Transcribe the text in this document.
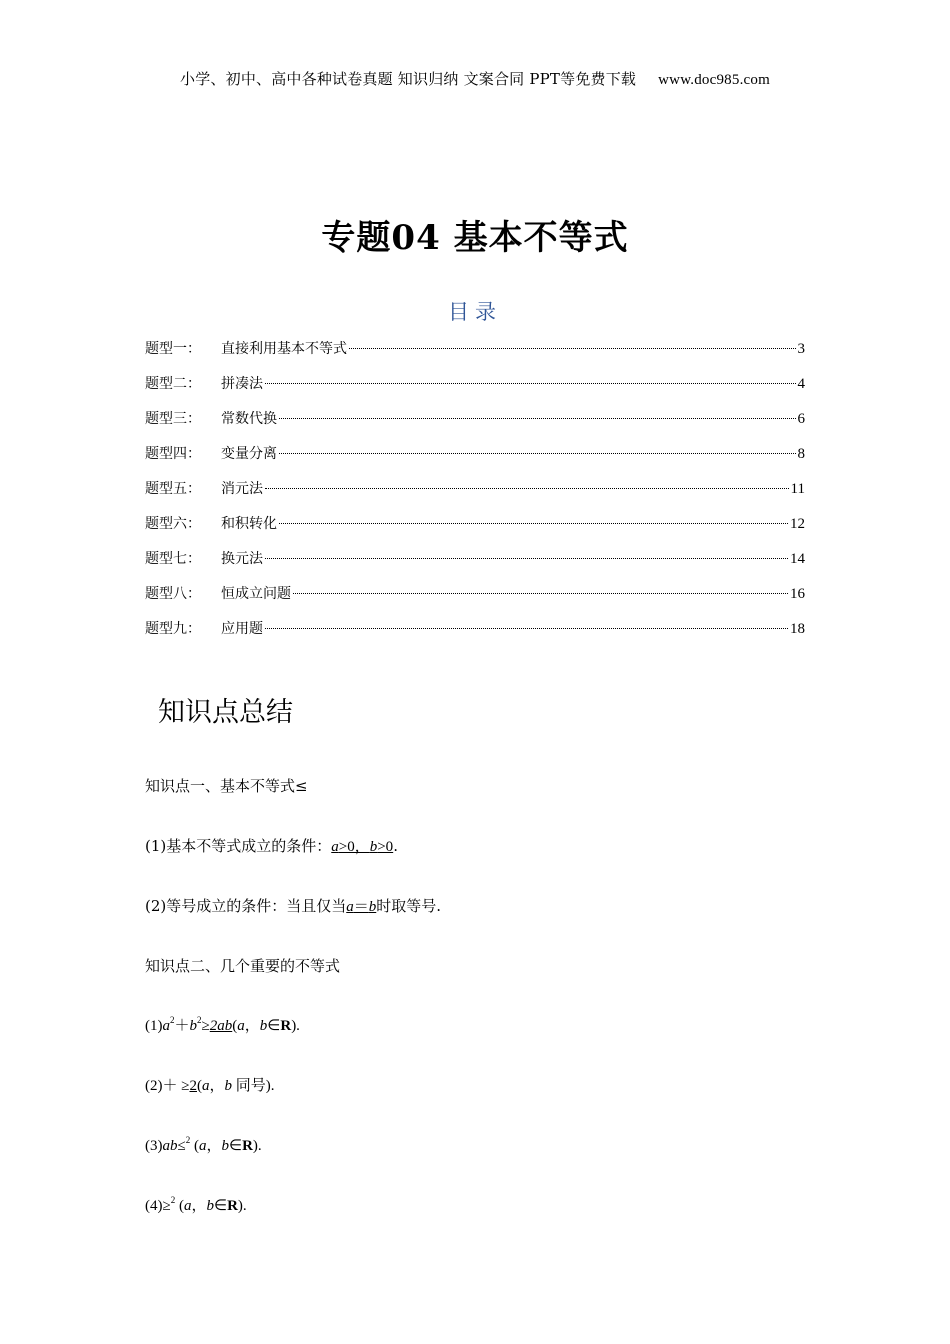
小学、初中、高中各种试卷真题 知识归纳 文案合同 PPT等免费下载 www.doc985.com
专题04 基本不等式
目录
题型一：	直接利用基本不等式	3
题型二：	拼凑法	4
题型三：	常数代换	6
题型四：	变量分离	8
题型五：	消元法	11
题型六：	和积转化	12
题型七：	换元法	14
题型八：	恒成立问题	16
题型九：	应用题	18
知识点总结
知识点一、基本不等式≤
(1)基本不等式成立的条件：a>0，b>0.
(2)等号成立的条件：当且仅当a＝b时取等号.
知识点二、几个重要的不等式
$(1)a^2+b^2\ge 2ab(a$，b∈R).
(2)＋ ≥2(a，b 同号).
(3)ab≤$^2$ (a，b∈R).
(4)≥$^2$ (a，b∈R).
